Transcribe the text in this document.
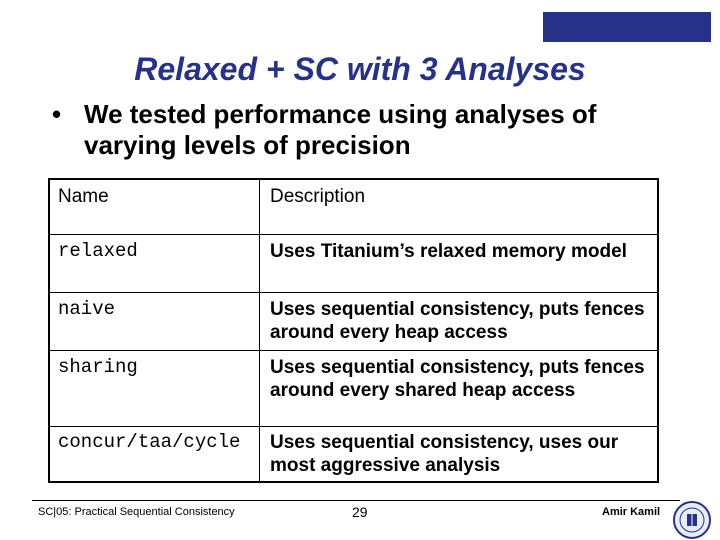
Relaxed + SC with 3 Analyses
• We tested performance using analyses of varying levels of precision
Name	Description
relaxed	Uses Titanium’s relaxed memory model
naive	Uses sequential consistency, puts fences around every heap access
sharing	Uses sequential consistency, puts fences around every shared heap access
concur/taa/cycle Uses sequential consistency, uses our most aggressive analysis
SC|05: Practical Sequential Consistency	29	Amir Kamil
